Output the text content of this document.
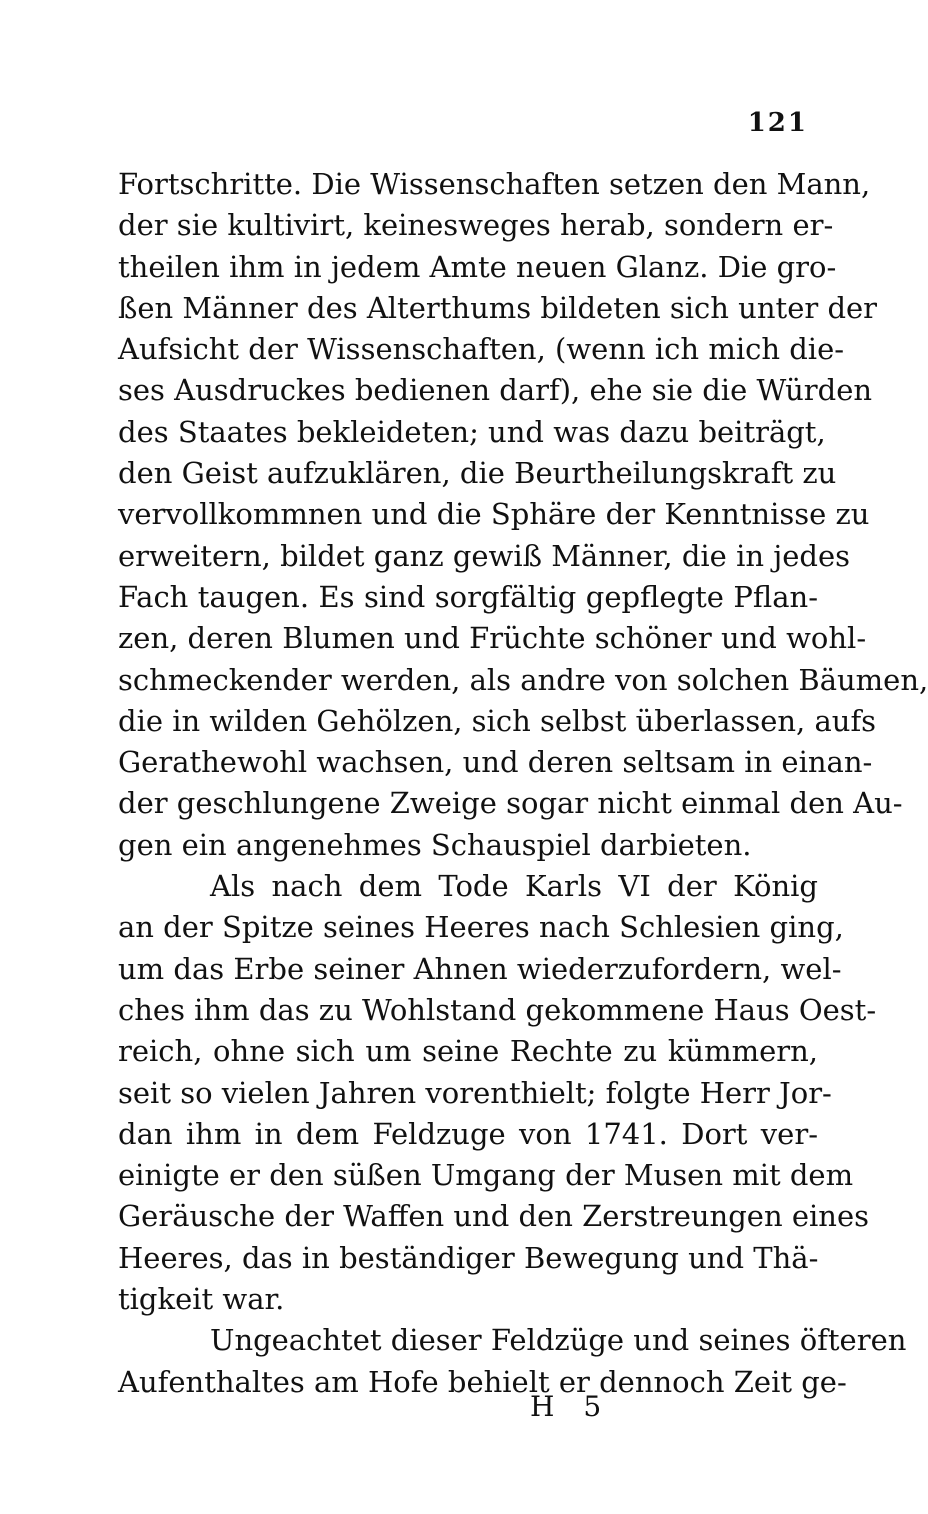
121
Fortschritte. Die Wissenschaften setzen den Mann,
der sie kultivirt, keinesweges herab, sondern er-
theilen ihm in jedem Amte neuen Glanz. Die gro-
ßen Männer des Alterthums bildeten sich unter der
Aufsicht der Wissenschaften, (wenn ich mich die-
ses Ausdruckes bedienen darf), ehe sie die Würden
des Staates bekleideten; und was dazu beiträgt,
den Geist aufzuklären, die Beurtheilungskraft zu
vervollkommnen und die Sphäre der Kenntnisse zu
erweitern, bildet ganz gewiß Männer, die in jedes
Fach taugen. Es sind sorgfältig gepflegte Pflan-
zen, deren Blumen und Früchte schöner und wohl-
schmeckender werden, als andre von solchen Bäumen,
die in wilden Gehölzen, sich selbst überlassen, aufs
Gerathewohl wachsen, und deren seltsam in einan-
der geschlungene Zweige sogar nicht einmal den Au-
gen ein angenehmes Schauspiel darbieten.
Als nach dem Tode Karls VI der König
an der Spitze seines Heeres nach Schlesien ging,
um das Erbe seiner Ahnen wiederzufordern, wel-
ches ihm das zu Wohlstand gekommene Haus Oest-
reich, ohne sich um seine Rechte zu kümmern,
seit so vielen Jahren vorenthielt; folgte Herr Jor-
dan ihm in dem Feldzuge von 1741. Dort ver-
einigte er den süßen Umgang der Musen mit dem
Geräusche der Waffen und den Zerstreungen eines
Heeres, das in beständiger Bewegung und Thä-
tigkeit war.
Ungeachtet dieser Feldzüge und seines öfteren
Aufenthaltes am Hofe behielt er dennoch Zeit ge-
H 5
